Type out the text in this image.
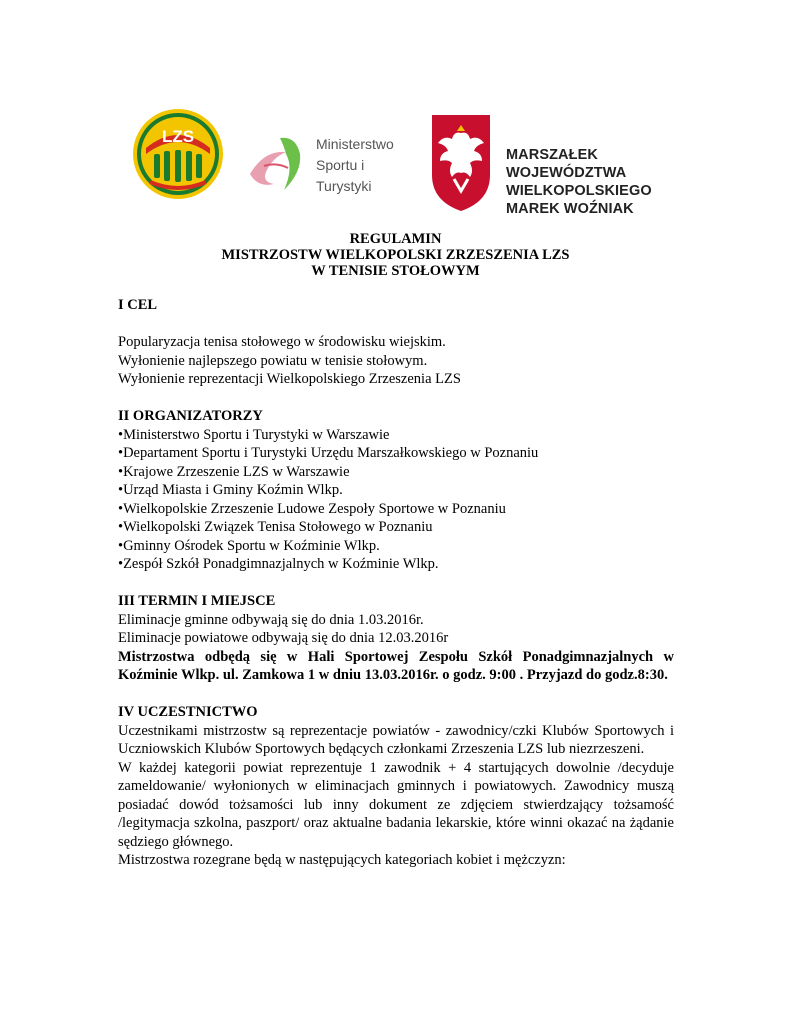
LZS	Ministerstwo
Sportu i Turystyki
MARSZAŁEK WOJEWÓDZTWA
WIELKOPOLSKIEGO
MAREK WOŹNIAK
REGULAMIN
MISTRZOSTW WIELKOPOLSKI ZRZESZENIA LZS
W TENISIE STOŁOWYM
I CEL

Popularyzacja tenisa stołowego w środowisku wiejskim.

Wyłonienie najlepszego powiatu w tenisie stołowym.

Wyłonienie reprezentacji Wielkopolskiego Zrzeszenia LZS

II ORGANIZATORZY
• Ministerstwo Sportu i Turystyki w Warszawie
• Departament Sportu i Turystyki Urzędu Marszałkowskiego w Poznaniu
• Krajowe Zrzeszenie LZS w Warszawie
• Urząd Miasta i Gminy Koźmin Wlkp.
• Wielkopolskie Zrzeszenie Ludowe Zespoły Sportowe w Poznaniu
• Wielkopolski Związek Tenisa Stołowego w Poznaniu
• Gminny Ośrodek Sportu w Koźminie Wlkp.
• Zespół Szkół Ponadgimnazjalnych w Koźminie Wlkp.
III TERMIN I MIEJSCE

Eliminacje gminne odbywają się do dnia 1.03.2016r.

Eliminacje powiatowe odbywają się do dnia 12.03.2016r

Mistrzostwa odbędą się w Hali Sportowej Zespołu Szkół Ponadgimnazjalnych w Koźminie Wlkp. ul. Zamkowa 1 w dniu 13.03.2016r. o godz. 9:00 . Przyjazd do godz.8:30.

IV UCZESTNICTWO

Uczestnikami mistrzostw są reprezentacje powiatów - zawodnicy/czki Klubów Sportowych i Uczniowskich Klubów Sportowych będących członkami Zrzeszenia LZS lub niezrzeszeni.

W każdej kategorii powiat reprezentuje 1 zawodnik + 4 startujących dowolnie /decyduje zameldowanie/ wyłonionych w eliminacjach gminnych i powiatowych. Zawodnicy muszą posiadać dowód tożsamości lub inny dokument ze zdjęciem stwierdzający tożsamość /legitymacja szkolna, paszport/ oraz aktualne badania lekarskie, które winni okazać na żądanie sędziego głównego.

Mistrzostwa rozegrane będą w następujących kategoriach kobiet i mężczyzn:
